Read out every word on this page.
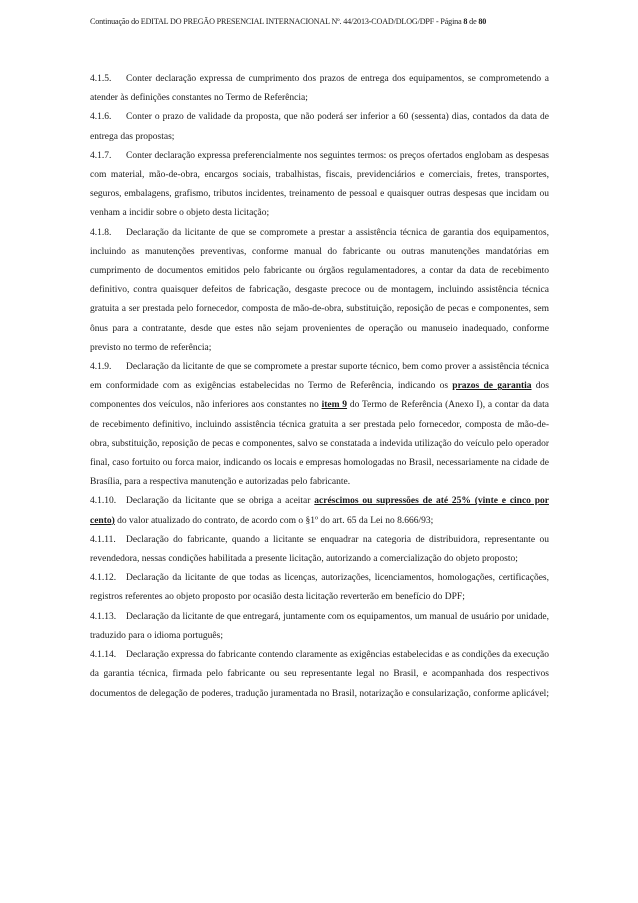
Continuação do EDITAL DO PREGÃO PRESENCIAL INTERNACIONAL Nº. 44/2013-COAD/DLOG/DPF - Página 8 de 80

4.1.5. Conter declaração expressa de cumprimento dos prazos de entrega dos equipamentos, se comprometendo a atender às definições constantes no Termo de Referência;

4.1.6. Conter o prazo de validade da proposta, que não poderá ser inferior a 60 (sessenta) dias, contados da data de entrega das propostas;

4.1.7. Conter declaração expressa preferencialmente nos seguintes termos: os preços ofertados englobam as despesas com material, mão-de-obra, encargos sociais, trabalhistas, fiscais, previdenciários e comerciais, fretes, transportes, seguros, embalagens, grafismo, tributos incidentes, treinamento de pessoal e quaisquer outras despesas que incidam ou venham a incidir sobre o objeto desta licitação;

4.1.8. Declaração da licitante de que se compromete a prestar a assistência técnica de garantia dos equipamentos, incluindo as manutenções preventivas, conforme manual do fabricante ou outras manutenções mandatórias em cumprimento de documentos emitidos pelo fabricante ou órgãos regulamentadores, a contar da data de recebimento definitivo, contra quaisquer defeitos de fabricação, desgaste precoce ou de montagem, incluindo assistência técnica gratuita a ser prestada pelo fornecedor, composta de mão-de-obra, substituição, reposição de pecas e componentes, sem ônus para a contratante, desde que estes não sejam provenientes de operação ou manuseio inadequado, conforme previsto no termo de referência;

4.1.9. Declaração da licitante de que se compromete a prestar suporte técnico, bem como prover a assistência técnica em conformidade com as exigências estabelecidas no Termo de Referência, indicando os prazos de garantia dos componentes dos veículos, não inferiores aos constantes no item 9 do Termo de Referência (Anexo I), a contar da data de recebimento definitivo, incluindo assistência técnica gratuita a ser prestada pelo fornecedor, composta de mão-de-obra, substituição, reposição de pecas e componentes, salvo se constatada a indevida utilização do veículo pelo operador final, caso fortuito ou forca maior, indicando os locais e empresas homologadas no Brasil, necessariamente na cidade de Brasília, para a respectiva manutenção e autorizadas pelo fabricante.

4.1.10. Declaração da licitante que se obriga a aceitar acréscimos ou supressões de até 25% (vinte e cinco por cento) do valor atualizado do contrato, de acordo com o §1º do art. 65 da Lei no 8.666/93;

4.1.11. Declaração do fabricante, quando a licitante se enquadrar na categoria de distribuidora, representante ou revendedora, nessas condições habilitada a presente licitação, autorizando a comercialização do objeto proposto;

4.1.12. Declaração da licitante de que todas as licenças, autorizações, licenciamentos, homologações, certificações, registros referentes ao objeto proposto por ocasião desta licitação reverterão em benefício do DPF;

4.1.13. Declaração da licitante de que entregará, juntamente com os equipamentos, um manual de usuário por unidade, traduzido para o idioma português;

4.1.14. Declaração expressa do fabricante contendo claramente as exigências estabelecidas e as condições da execução da garantia técnica, firmada pelo fabricante ou seu representante legal no Brasil, e acompanhada dos respectivos documentos de delegação de poderes, tradução juramentada no Brasil, notarização e consularização, conforme aplicável;
